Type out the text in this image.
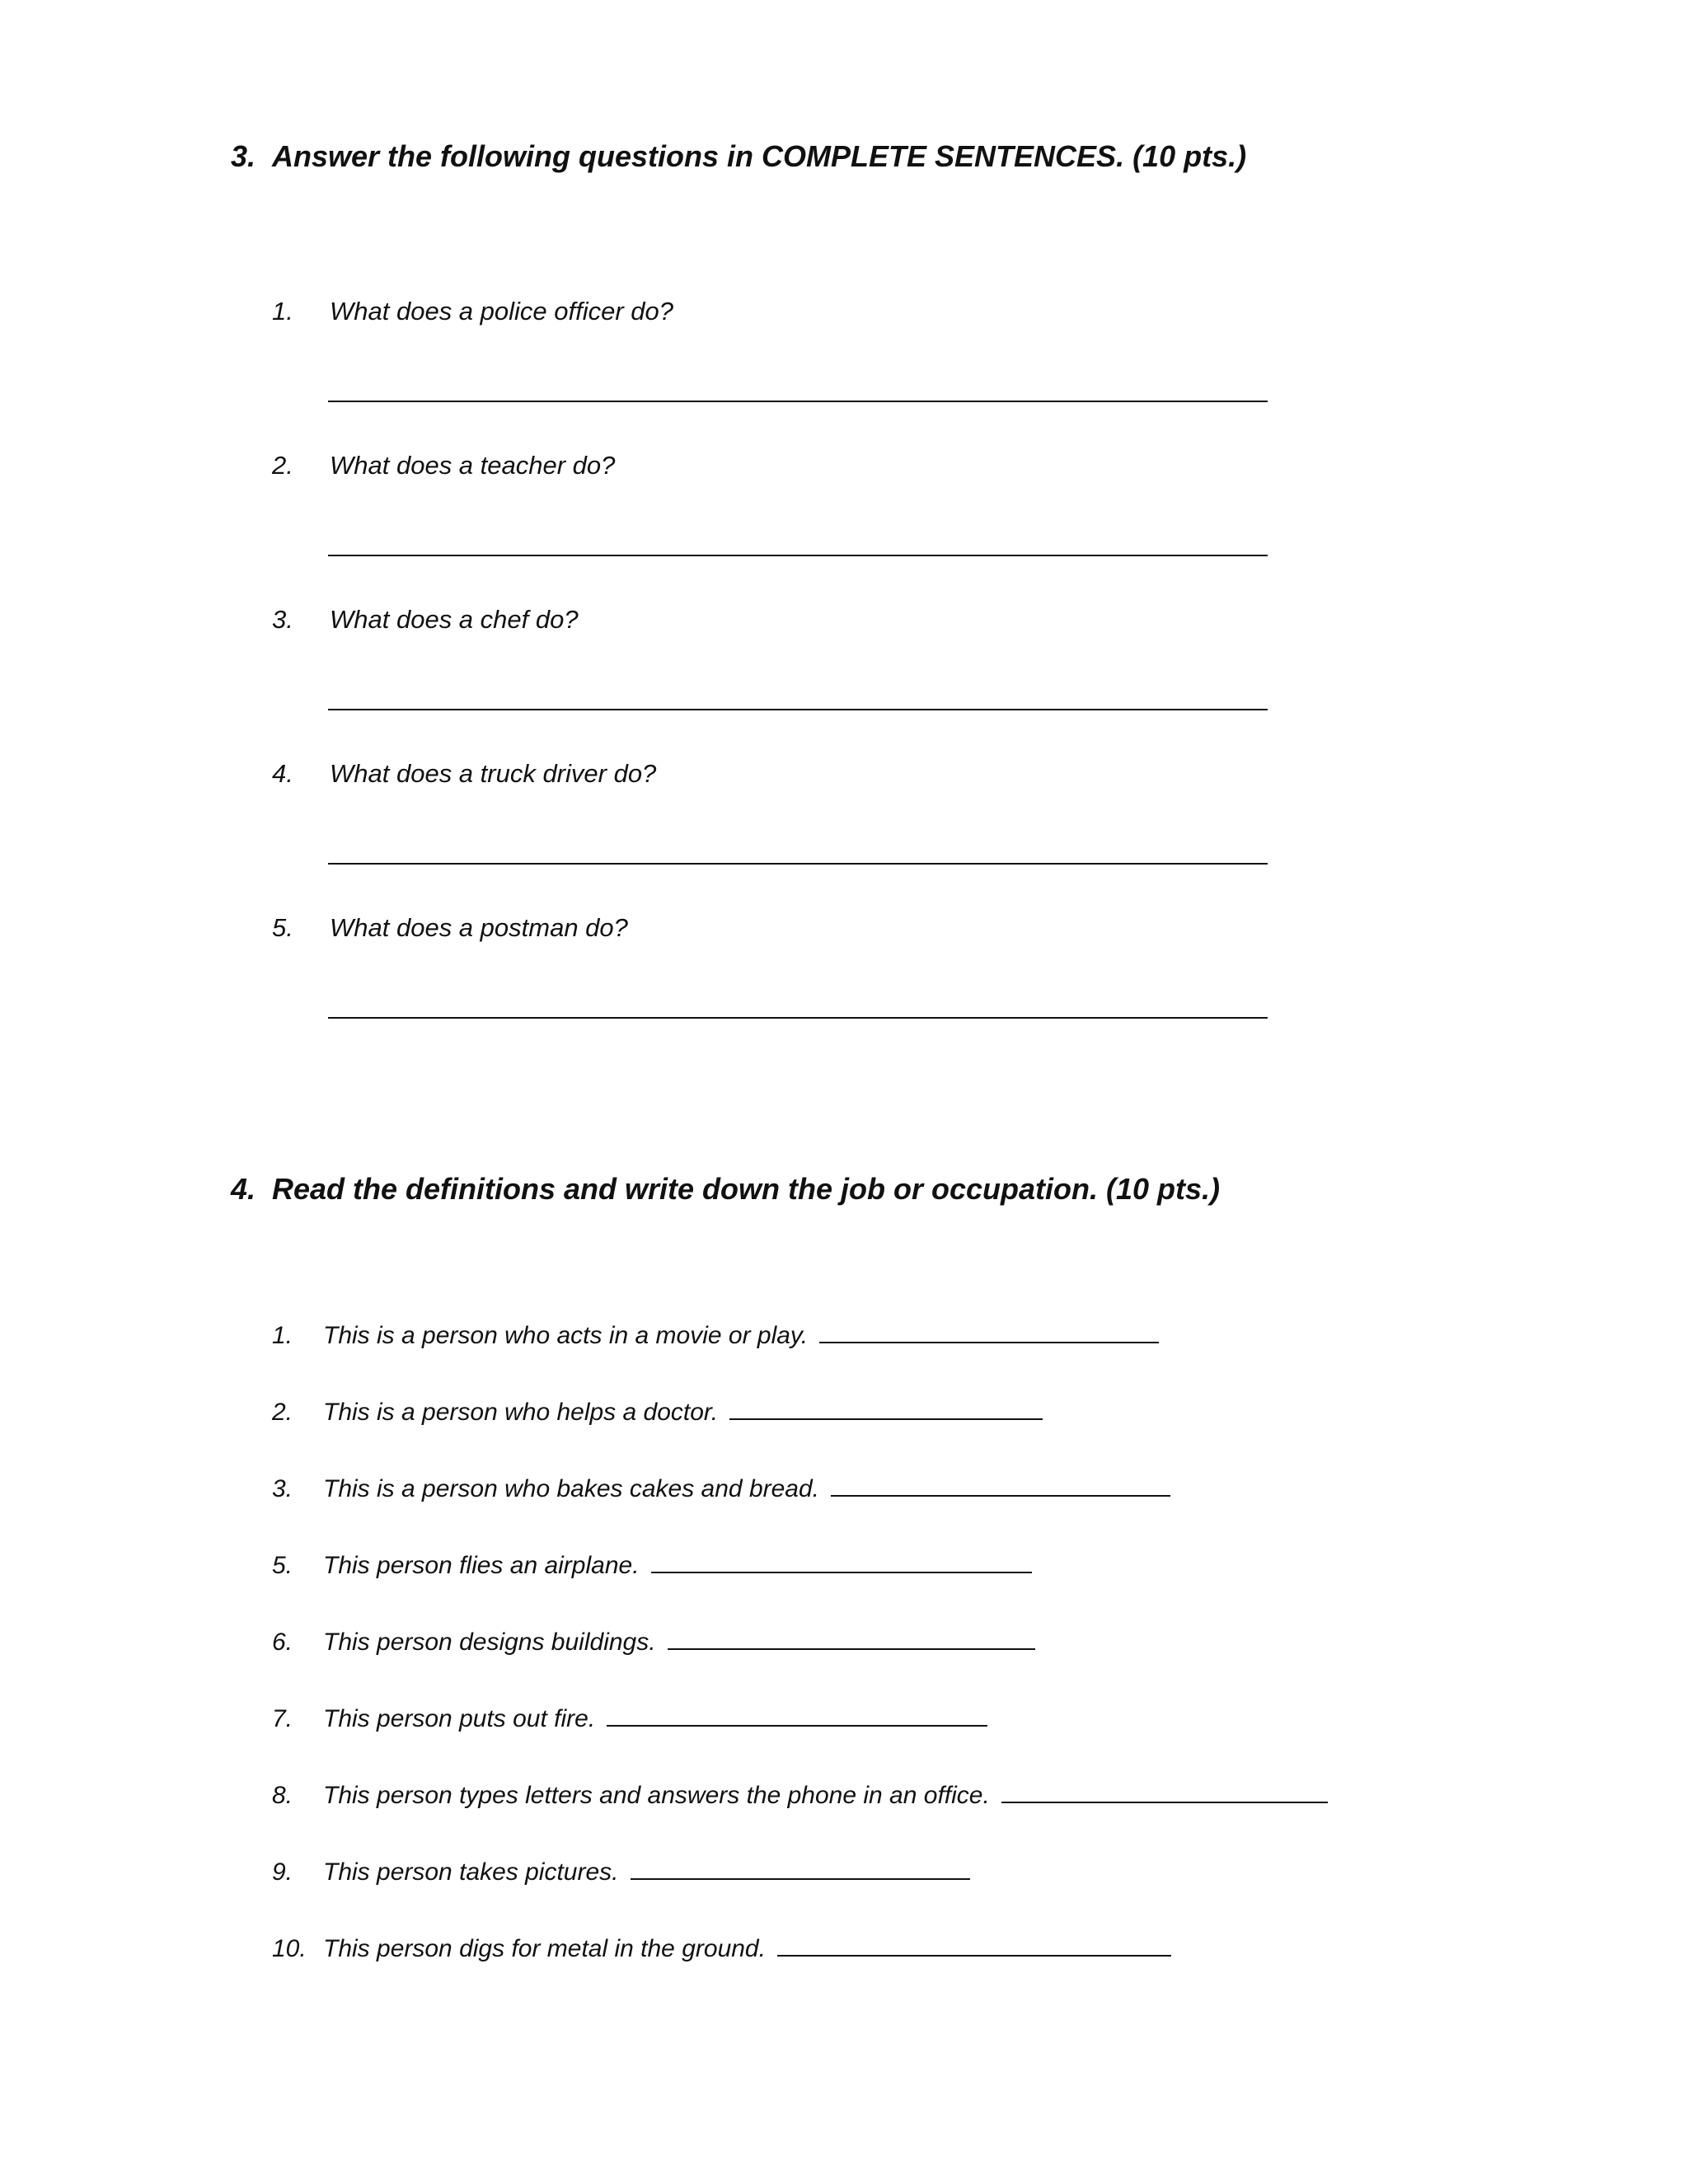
3. Answer the following questions in COMPLETE SENTENCES. (10 pts.)
1. What does a police officer do?
2. What does a teacher do?
3. What does a chef do?
4. What does a truck driver do?
5. What does a postman do?
4. Read the definitions and write down the job or occupation. (10 pts.)
1. This is a person who acts in a movie or play.
2. This is a person who helps a doctor.
3. This is a person who bakes cakes and bread.
5. This person flies an airplane.
6. This person designs buildings.
7. This person puts out fire.
8. This person types letters and answers the phone in an office.
9. This person takes pictures.
10. This person digs for metal in the ground.
